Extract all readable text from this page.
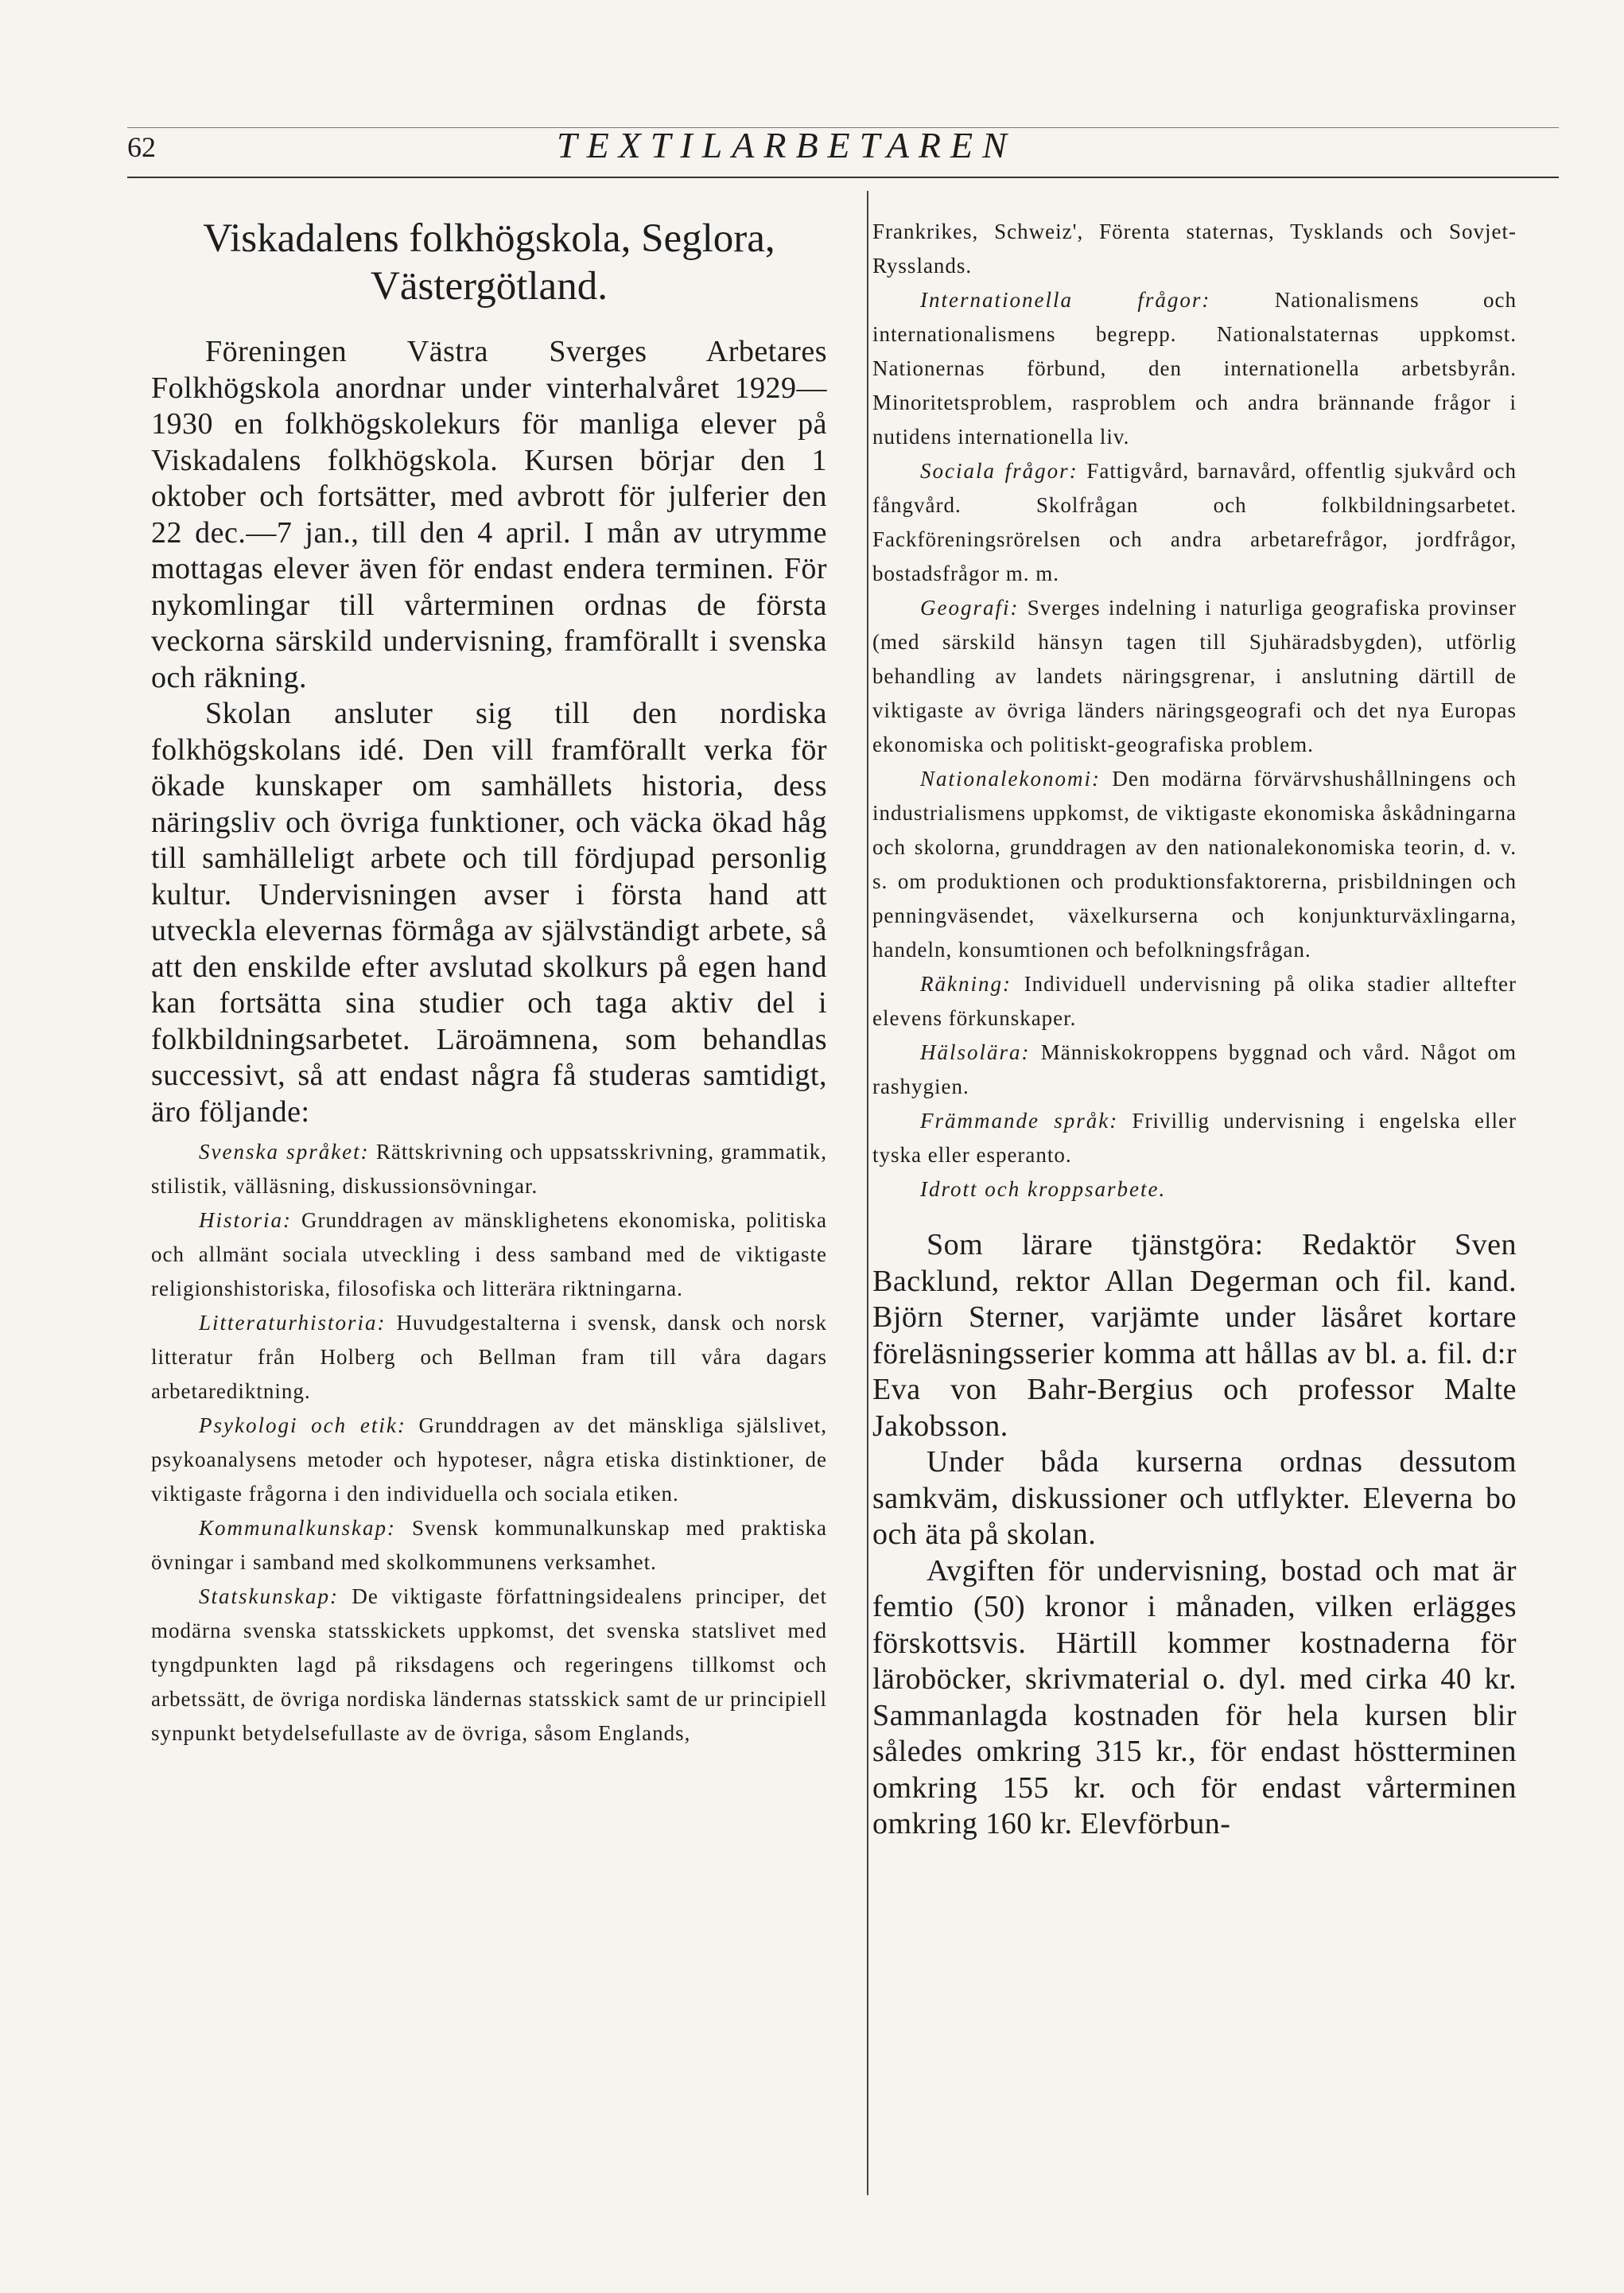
62	TEXTILARBETAREN
Viskadalens folkhögskola, Seglora,
Västergötland.

Föreningen Västra Sverges Arbetares Folkhögskola anordnar under vinterhalvåret 1929—1930 en folkhögskolekurs för manliga elever på Viskadalens folkhögskola. Kursen börjar den 1 oktober och fortsätter, med avbrott för julferier den 22 dec.—7 jan., till den 4 april. I mån av utrymme mottagas elever även för endast endera terminen. För nykomlingar till vårterminen ordnas de första veckorna särskild undervisning, framförallt i svenska och räkning.

Skolan ansluter sig till den nordiska folkhögskolans idé. Den vill framförallt verka för ökade kunskaper om samhällets historia, dess näringsliv och övriga funktioner, och väcka ökad håg till samhälleligt arbete och till fördjupad personlig kultur. Undervisningen avser i första hand att utveckla elevernas förmåga av självständigt arbete, så att den enskilde efter avslutad skolkurs på egen hand kan fortsätta sina studier och taga aktiv del i folkbildningsarbetet. Läroämnena, som behandlas successivt, så att endast några få studeras samtidigt, äro följande:

Svenska språket: Rättskrivning och uppsatsskrivning, grammatik, stilistik, välläsning, diskussionsövningar.

Historia: Grunddragen av mänsklighetens ekonomiska, politiska och allmänt sociala utveckling i dess samband med de viktigaste religionshistoriska, filosofiska och litterära riktningarna.

Litteraturhistoria: Huvudgestalterna i svensk, dansk och norsk litteratur från Holberg och Bellman fram till våra dagars arbetarediktning.

Psykologi och etik: Grunddragen av det mänskliga själslivet, psykoanalysens metoder och hypoteser, några etiska distinktioner, de viktigaste frågorna i den individuella och sociala etiken.

Kommunalkunskap: Svensk kommunalkunskap med praktiska övningar i samband med skolkommunens verksamhet.

Statskunskap: De viktigaste författningsidealens principer, det modärna svenska statsskickets uppkomst, det svenska statslivet med tyngdpunkten lagd på riksdagens och regeringens tillkomst och arbetssätt, de övriga nordiska ländernas statsskick samt de ur principiell synpunkt betydelsefullaste av de övriga, såsom Englands,

Frankrikes, Schweiz', Förenta staternas, Tysklands och Sovjet-Rysslands.

Internationella frågor:	Nationalismens och internationalismens begrepp. Nationalstaternas uppkomst. Nationernas förbund, den internationella arbetsbyrån. Minoritetsproblem, rasproblem och andra brännande frågor i nutidens internationella liv.

Sociala frågor: Fattigvård, barnavård, offentlig sjukvård och fångvård. Skolfrågan och folkbildningsarbetet. Fackföreningsrörelsen och andra arbetarefrågor, jordfrågor, bostadsfrågor m. m.

Geografi: Sverges indelning i naturliga geografiska provinser (med särskild hänsyn tagen till Sjuhäradsbygden), utförlig behandling av landets näringsgrenar, i anslutning därtill de viktigaste av övriga länders näringsgeografi och det nya Europas ekonomiska och politiskt-geografiska problem.

Nationalekonomi: Den modärna förvärvshushållningens och industrialismens uppkomst, de viktigaste ekonomiska åskådningarna och skolorna, grunddragen av den nationalekonomiska teorin, d. v. s. om produktionen och produktionsfaktorerna, prisbildningen och penningväsendet, växelkurserna och konjunkturväxlingarna, handeln, konsumtionen och befolkningsfrågan.

Räkning: Individuell undervisning på olika stadier alltefter elevens förkunskaper.

Hälsolära: Människokroppens byggnad och vård. Något om rashygien.

Främmande språk: Frivillig undervisning i engelska eller tyska eller esperanto.

Idrott och kroppsarbete.

Som lärare tjänstgöra: Redaktör Sven Backlund, rektor Allan Degerman och fil. kand. Björn Sterner, varjämte under läsåret kortare föreläsningsserier komma att hållas av bl. a. fil. d:r Eva von Bahr-Bergius och professor Malte Jakobsson.

Under båda kurserna ordnas dessutom samkväm, diskussioner och utflykter. Eleverna bo och äta på skolan.

Avgiften för undervisning, bostad och mat är femtio (50) kronor i månaden, vilken erlägges förskottsvis. Härtill kommer kostnaderna för läroböcker, skrivmaterial o. dyl. med cirka 40 kr. Sammanlagda kostnaden för hela kursen blir således omkring 315 kr., för endast höstterminen omkring 155 kr. och för endast vårterminen omkring 160 kr. Elevförbun-
